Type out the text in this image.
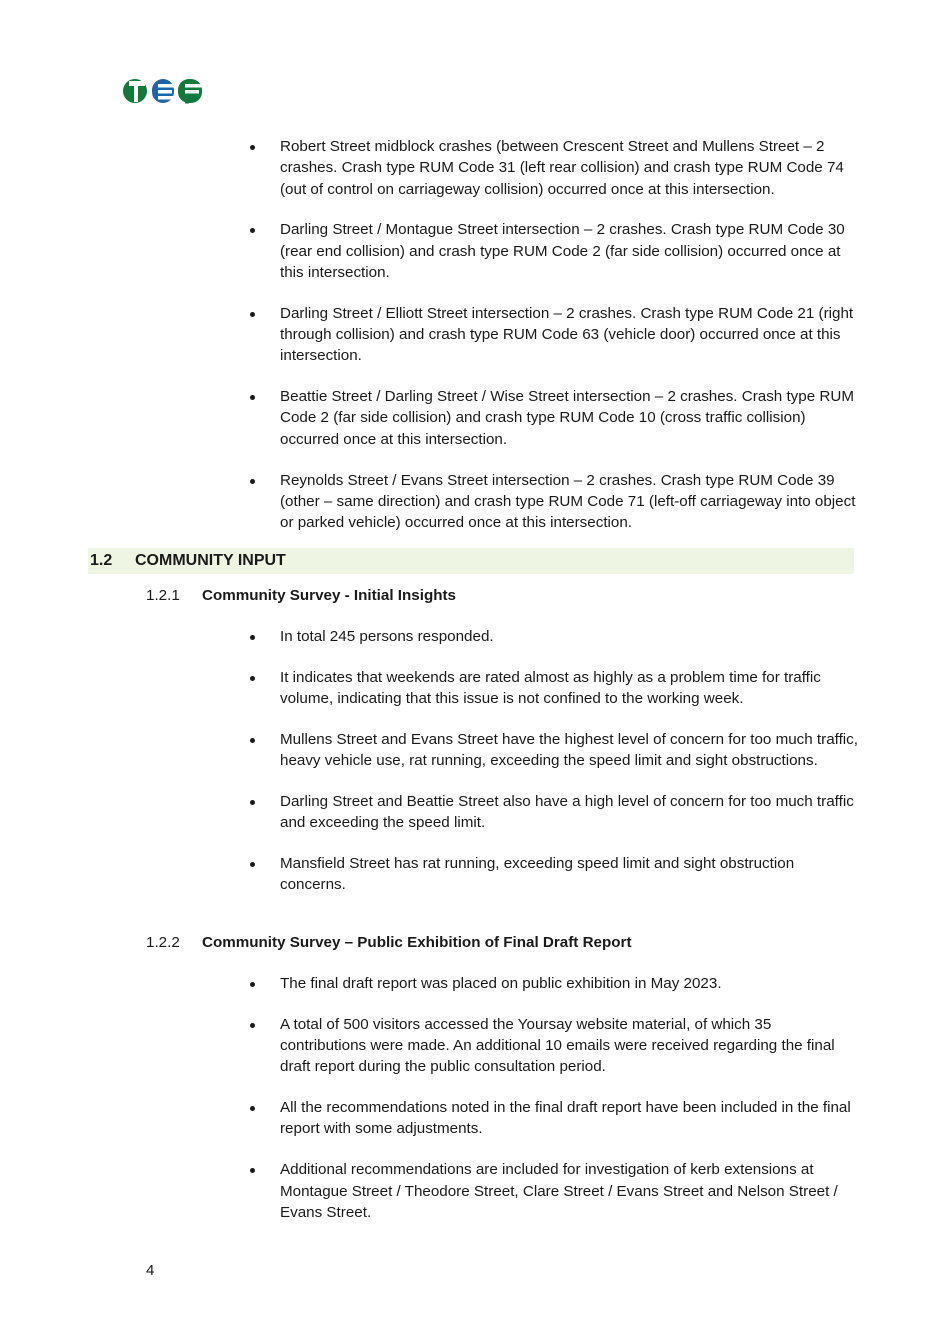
Robert Street midblock crashes (between Crescent Street and Mullens Street – 2 crashes. Crash type RUM Code 31 (left rear collision) and crash type RUM Code 74 (out of control on carriageway collision) occurred once at this intersection.
Darling Street / Montague Street intersection – 2 crashes. Crash type RUM Code 30 (rear end collision) and crash type RUM Code 2 (far side collision) occurred once at this intersection.
Darling Street / Elliott Street intersection – 2 crashes. Crash type RUM Code 21 (right through collision) and crash type RUM Code 63 (vehicle door) occurred once at this intersection.
Beattie Street / Darling Street / Wise Street intersection – 2 crashes. Crash type RUM Code 2 (far side collision) and crash type RUM Code 10 (cross traffic collision) occurred once at this intersection.
Reynolds Street / Evans Street intersection – 2 crashes. Crash type RUM Code 39 (other – same direction) and crash type RUM Code 71 (left-off carriageway into object or parked vehicle) occurred once at this intersection.
1.2 COMMUNITY INPUT
1.2.1 Community Survey - Initial Insights
In total 245 persons responded.
It indicates that weekends are rated almost as highly as a problem time for traffic volume, indicating that this issue is not confined to the working week.
Mullens Street and Evans Street have the highest level of concern for too much traffic, heavy vehicle use, rat running, exceeding the speed limit and sight obstructions.
Darling Street and Beattie Street also have a high level of concern for too much traffic and exceeding the speed limit.
Mansfield Street has rat running, exceeding speed limit and sight obstruction concerns.
1.2.2 Community Survey – Public Exhibition of Final Draft Report
The final draft report was placed on public exhibition in May 2023.
A total of 500 visitors accessed the Yoursay website material, of which 35 contributions were made. An additional 10 emails were received regarding the final draft report during the public consultation period.
All the recommendations noted in the final draft report have been included in the final report with some adjustments.
Additional recommendations are included for investigation of kerb extensions at Montague Street / Theodore Street, Clare Street / Evans Street and Nelson Street / Evans Street.
4
